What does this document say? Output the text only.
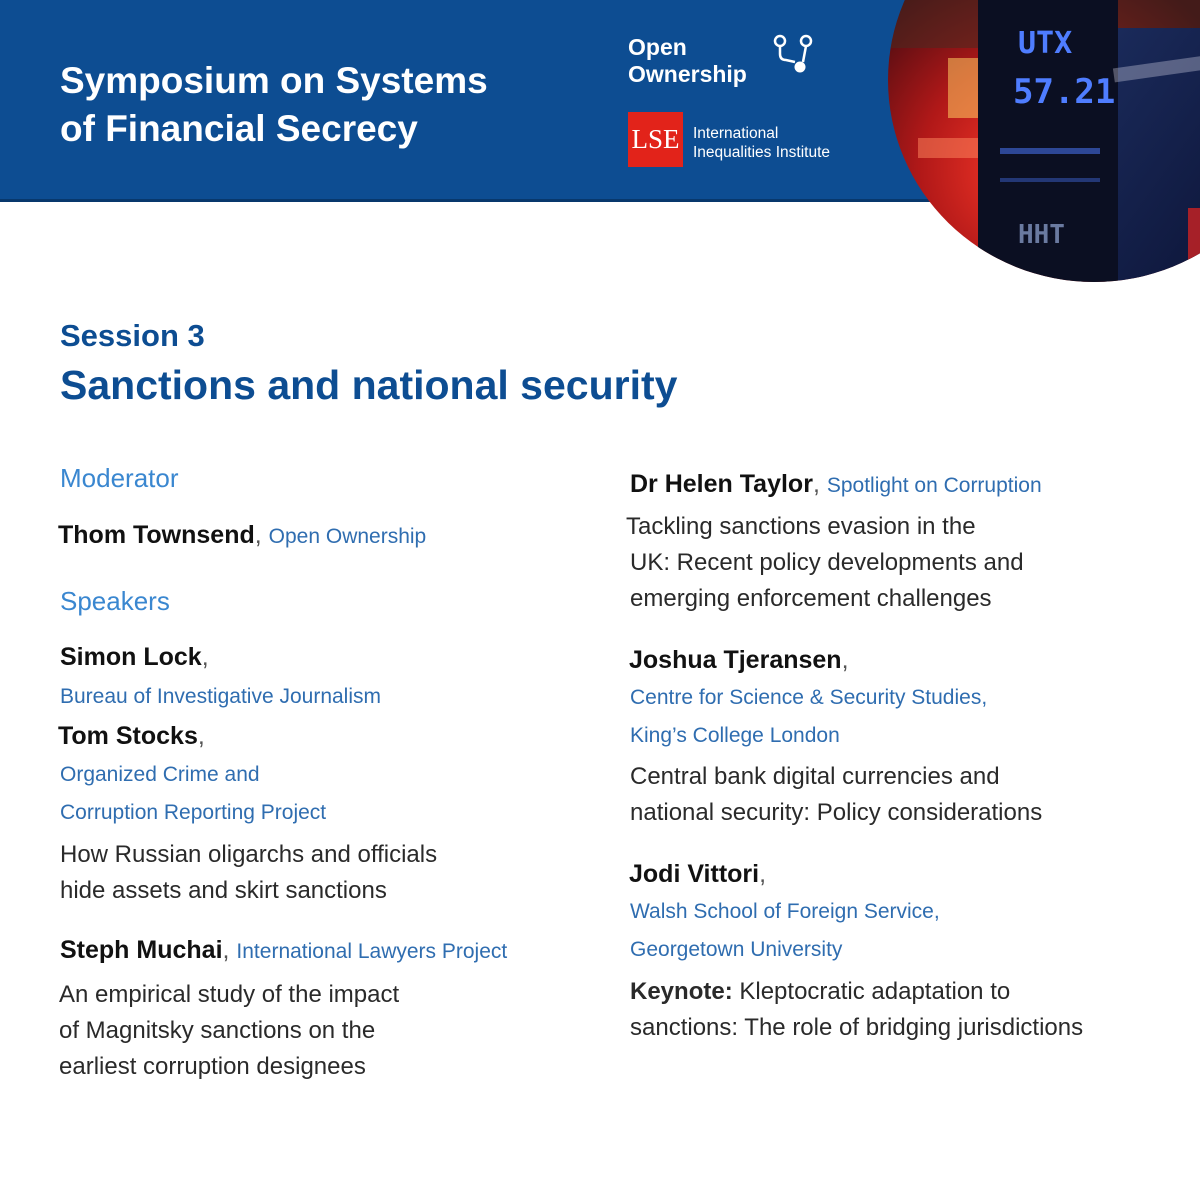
Symposium on Systems
of Financial Secrecy
Open
Ownership
LSE International
Inequalities Institute
UTX
57.21
HHT
Session 3
Sanctions and national security
Moderator
Thom Townsend, Open Ownership
Speakers
Simon Lock,
Bureau of Investigative Journalism
Tom Stocks,
Organized Crime and
Corruption Reporting Project
How Russian oligarchs and officials
hide assets and skirt sanctions
Steph Muchai, International Lawyers Project
An empirical study of the impact
of Magnitsky sanctions on the
earliest corruption designees
Dr Helen Taylor, Spotlight on Corruption
Tackling sanctions evasion in the
UK: Recent policy developments and
emerging enforcement challenges
Joshua Tjeransen,
Centre for Science & Security Studies,
King’s College London
Central bank digital currencies and
national security: Policy considerations
Jodi Vittori,
Walsh School of Foreign Service,
Georgetown University
Keynote: Kleptocratic adaptation to
sanctions: The role of bridging jurisdictions
